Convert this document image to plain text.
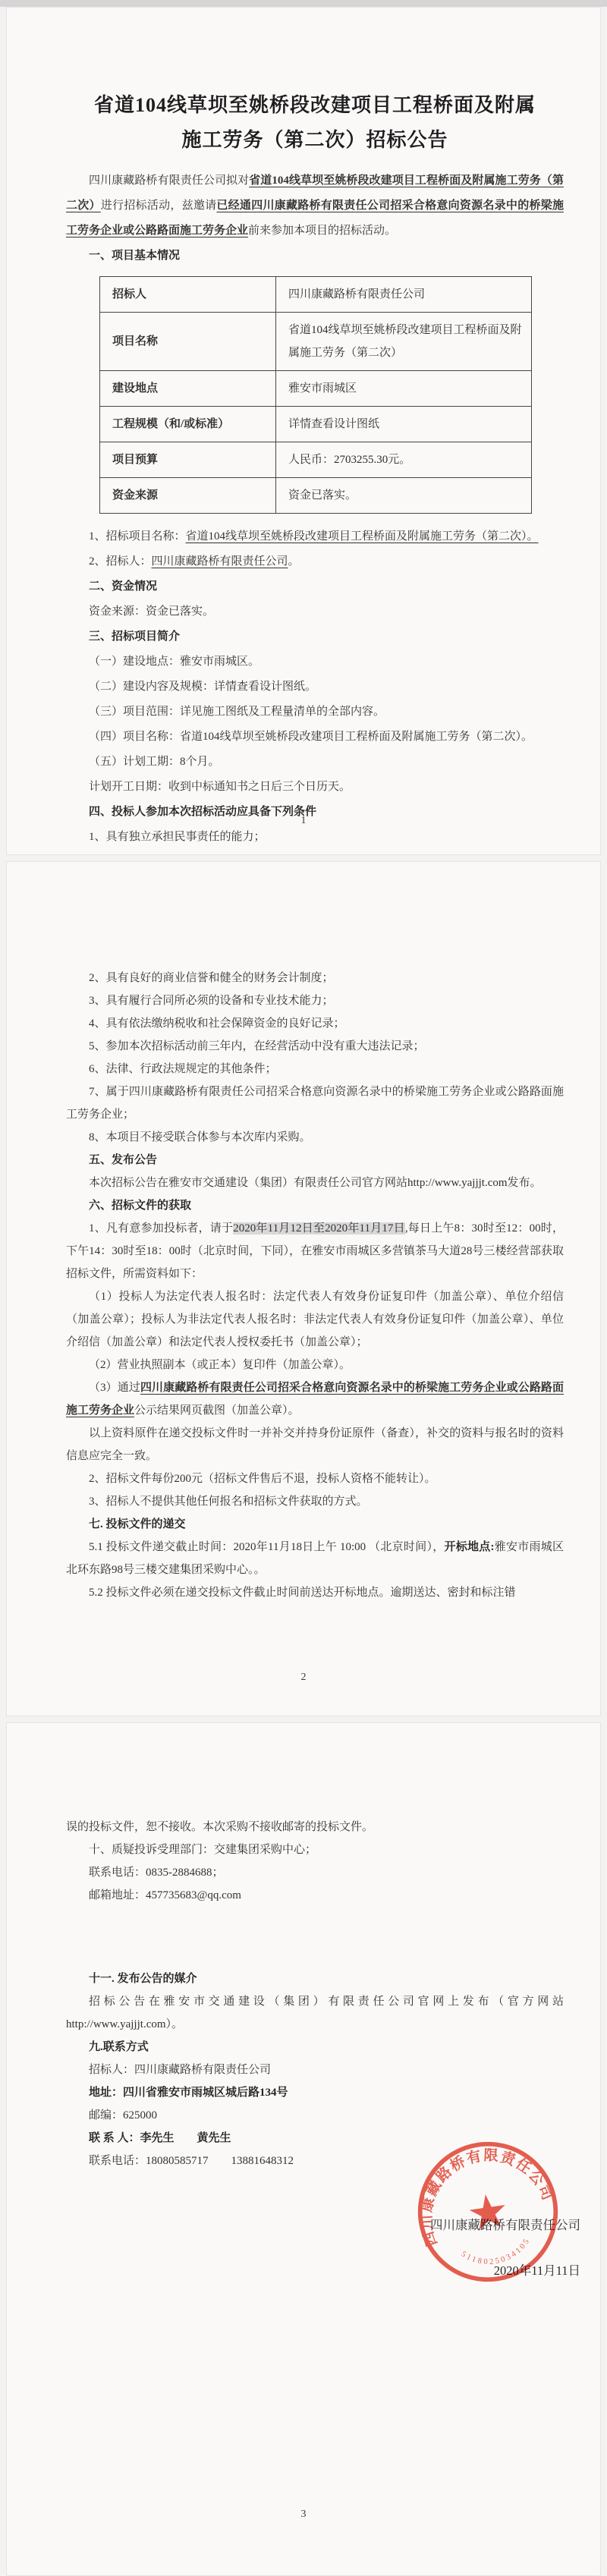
省道104线草坝至姚桥段改建项目工程桥面及附属
施工劳务（第二次）招标公告

四川康藏路桥有限责任公司拟对省道104线草坝至姚桥段改建项目工程桥面及附属施工劳务（第二次）进行招标活动，兹邀请已经通四川康藏路桥有限责任公司招采合格意向资源名录中的桥梁施工劳务企业或公路路面施工劳务企业前来参加本项目的招标活动。

一、项目基本情况

招标人	四川康藏路桥有限责任公司
项目名称	省道104线草坝至姚桥段改建项目工程桥面及附属施工劳务（第二次）
建设地点	雅安市雨城区
工程规模（和/或标准）	详情查看设计图纸
项目预算	人民币：2703255.30元。
资金来源	资金已落实。

1、招标项目名称：省道104线草坝至姚桥段改建项目工程桥面及附属施工劳务（第二次）。

2、招标人：四川康藏路桥有限责任公司。

二、资金情况

资金来源：资金已落实。

三、招标项目简介

（一）建设地点：雅安市雨城区。

（二）建设内容及规模：详情查看设计图纸。

（三）项目范围：详见施工图纸及工程量清单的全部内容。

（四）项目名称：省道104线草坝至姚桥段改建项目工程桥面及附属施工劳务（第二次）。

（五）计划工期：8个月。

计划开工日期：收到中标通知书之日后三个日历天。

四、投标人参加本次招标活动应具备下列条件

1、具有独立承担民事责任的能力；

1

2、具有良好的商业信誉和健全的财务会计制度；

3、具有履行合同所必须的设备和专业技术能力；

4、具有依法缴纳税收和社会保障资金的良好记录；

5、参加本次招标活动前三年内，在经营活动中没有重大违法记录；

6、法律、行政法规规定的其他条件；

7、属于四川康藏路桥有限责任公司招采合格意向资源名录中的桥梁施工劳务企业或公路路面施工劳务企业；

8、本项目不接受联合体参与本次库内采购。

五、发布公告

本次招标公告在雅安市交通建设（集团）有限责任公司官方网站http://www.yajjjt.com发布。

六、招标文件的获取

1、凡有意参加投标者，请于2020年11月12日至2020年11月17日,每日上午8：30时至12：00时，下午14：30时至18：00时（北京时间，下同），在雅安市雨城区多营镇茶马大道28号三楼经营部获取招标文件，所需资料如下：

（1）投标人为法定代表人报名时：法定代表人有效身份证复印件（加盖公章）、单位介绍信（加盖公章）；投标人为非法定代表人报名时：非法定代表人有效身份证复印件（加盖公章）、单位介绍信（加盖公章）和法定代表人授权委托书（加盖公章）；

（2）营业执照副本（或正本）复印件（加盖公章）。

（3）通过四川康藏路桥有限责任公司招采合格意向资源名录中的桥梁施工劳务企业或公路路面施工劳务企业公示结果网页截图（加盖公章）。

以上资料原件在递交投标文件时一并补交并持身份证原件（备查），补交的资料与报名时的资料信息应完全一致。

2、招标文件每份200元（招标文件售后不退，投标人资格不能转让）。

3、招标人不提供其他任何报名和招标文件获取的方式。

七. 投标文件的递交

5.1 投标文件递交截止时间：2020年11月18日上午 10:00 （北京时间），开标地点:雅安市雨城区北环东路98号三楼交建集团采购中心。。

5.2 投标文件必须在递交投标文件截止时间前送达开标地点。逾期送达、密封和标注错

2

误的投标文件，恕不接收。本次采购不接收邮寄的投标文件。

十、质疑投诉受理部门：交建集团采购中心；

联系电话：0835-2884688；

邮箱地址：457735683@qq.com

十一. 发布公告的媒介

招标公告在雅安市交通建设（集团）有限责任公司官网上发布（官方网站http://www.yajjjt.com）。

九.联系方式

招标人：四川康藏路桥有限责任公司

地址：四川省雅安市雨城区城后路134号

邮编：625000

联 系 人：李先生　　黄先生

联系电话：18080585717　　13881648312

四川康藏路桥有限责任公司
2020年11月11日
四川康藏路桥有限责任公司
5118025034105
3
